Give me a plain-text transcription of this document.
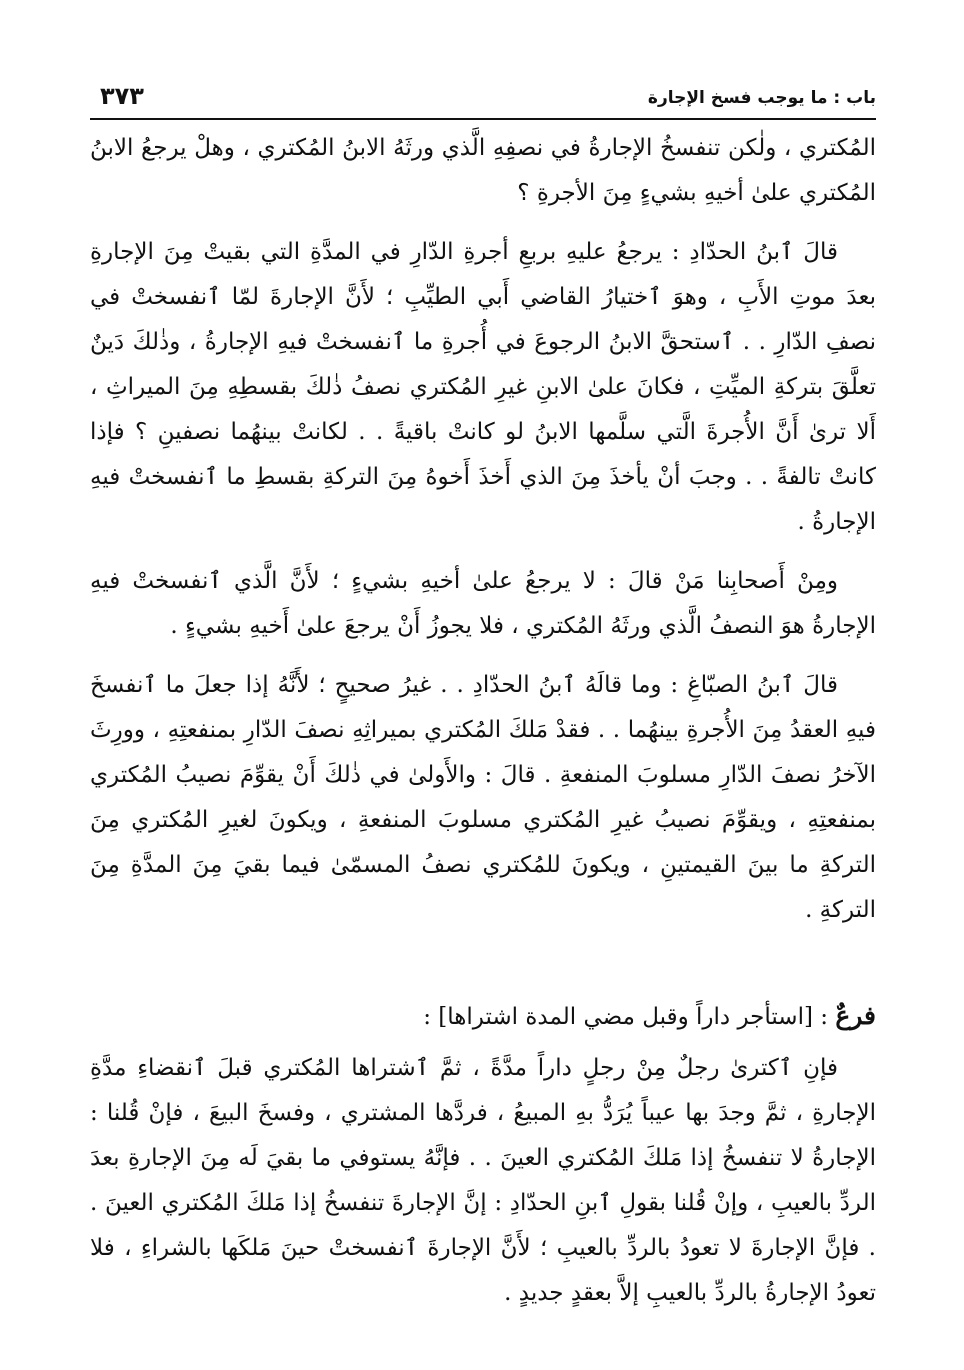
باب : ما يوجب فسخ الإجارة
٣٧٣

المُكتري ، ولٰكن تنفسخُ الإجارةُ في نصفِهِ الَّذي ورثَهُ الابنُ المُكتري ، وهلْ يرجعُ الابنُ المُكتري علىٰ أخيهِ بشيءٍ مِنَ الأجرةِ ؟

قالَ ٱبنُ الحدّادِ : يرجعُ عليهِ بربعِ أجرةِ الدّارِ في المدَّةِ التي بقيتْ مِنَ الإجارةِ بعدَ موتِ الأَبِ ، وهوَ ٱختيارُ القاضي أَبي الطيِّبِ ؛ لأَنَّ الإجارةَ لمّا ٱنفسختْ في نصفِ الدّارِ . . ٱستحقَّ الابنُ الرجوعَ في أُجرةِ ما ٱنفسختْ فيهِ الإجارةُ ، وذٰلكَ دَينٌ تعلَّقَ بتركةِ الميِّتِ ، فكانَ علىٰ الابنِ غيرِ المُكتري نصفُ ذٰلكَ بقسطِهِ مِنَ الميراثِ ، أَلا ترىٰ أَنَّ الأُجرةَ الَّتي سلَّمها الابنُ لو كانتْ باقيةً . . لكانتْ بينهُما نصفينِ ؟ فإذا كانتْ تالفةً . . وجبَ أنْ يأخذَ مِنَ الذي أَخذَ أَخوهُ مِنَ التركةِ بقسطِ ما ٱنفسختْ فيهِ الإجارةُ .

ومِنْ أَصحابِنا مَنْ قالَ : لا يرجعُ علىٰ أخيهِ بشيءٍ ؛ لأَنَّ الَّذي ٱنفسختْ فيهِ الإجارةُ هوَ النصفُ الَّذي ورثَهُ المُكتري ، فلا يجوزُ أَنْ يرجعَ علىٰ أَخيهِ بشيءٍ .

قالَ ٱبنُ الصبّاغِ : وما قالَهُ ٱبنُ الحدّادِ . . غيرُ صحيحٍ ؛ لأَنَّهُ إذا جعلَ ما ٱنفسخَ فيهِ العقدُ مِنَ الأُجرةِ بينهُما . . فقدْ مَلكَ المُكتري بميراثِهِ نصفَ الدّارِ بمنفعتِهِ ، وورِثَ الآخرُ نصفَ الدّارِ مسلوبَ المنفعةِ . قالَ : والأَولىٰ في ذٰلكَ أَنْ يقوِّمَ نصيبُ المُكتري بمنفعتِهِ ، ويقوِّمَ نصيبُ غيرِ المُكتري مسلوبَ المنفعةِ ، ويكونَ لغيرِ المُكتري مِنَ التركةِ ما بينَ القيمتينِ ، ويكونَ للمُكتري نصفُ المسمّىٰ فيما بقيَ مِنَ المدَّةِ مِنَ التركةِ .

فرعٌ : [استأجر داراً وقبل مضي المدة اشتراها] :

فإنِ ٱكترىٰ رجلٌ مِنْ رجلٍ داراً مدَّةً ، ثمَّ ٱشتراها المُكتري قبلَ ٱنقضاءِ مدَّةِ الإجارةِ ، ثمَّ وجدَ بها عيباً يُرَدُّ بهِ المبيعُ ، فردَّها المشتري ، وفسخَ البيعَ ، فإنْ قُلنا : الإجارةُ لا تنفسخُ إذا مَلكَ المُكتري العينَ . . فإنَّهُ يستوفي ما بقيَ لَه مِنَ الإجارةِ بعدَ الردِّ بالعيبِ ، وإنْ قُلنا بقولِ ٱبنِ الحدّادِ : إنَّ الإجارةَ تنفسخُ إذا مَلكَ المُكتري العينَ . . فإنَّ الإجارةَ لا تعودُ بالردِّ بالعيبِ ؛ لأَنَّ الإجارةَ ٱنفسختْ حينَ مَلكَها بالشراءِ ، فلا تعودُ الإجارةُ بالردِّ بالعيبِ إلاَّ بعقدٍ جديدٍ .
